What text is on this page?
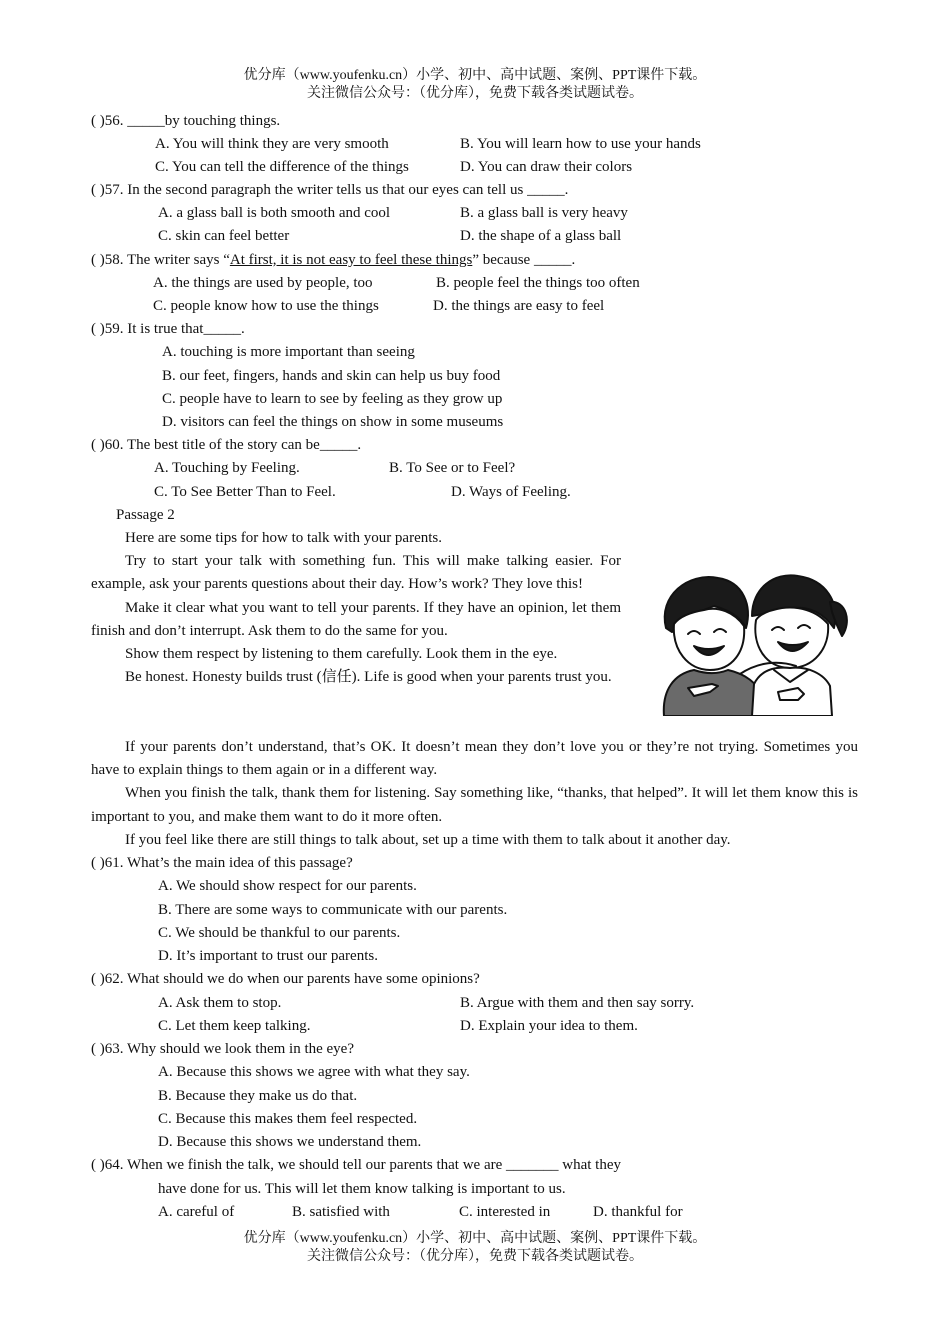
优分库（www.youfenku.cn）小学、初中、高中试题、案例、PPT课件下载。
关注微信公众号：（优分库），免费下载各类试题试卷。
( )56. _____by touching things.
A. You will think they are very smooth	B. You will learn how to use your hands
C. You can tell the difference of the things	D. You can draw their colors
( )57. In the second paragraph the writer tells us that our eyes can tell us _____.
A. a glass ball is both smooth and cool	B. a glass ball is very heavy
C. skin can feel better	D. the shape of a glass ball
( )58. The writer says “At first, it is not easy to feel these things” because _____.
A. the things are used by people, too	B. people feel the things too often
C. people know how to use the things	D. the things are easy to feel
( )59. It is true that_____.
A. touching is more important than seeing
B. our feet, fingers, hands and skin can help us buy food
C. people have to learn to see by feeling as they grow up
D. visitors can feel the things on show in some museums
( )60. The best title of the story can be_____.
A. Touching by Feeling.	B. To See or to Feel?
C. To See Better Than to Feel.	D. Ways of Feeling.
Passage 2

Here are some tips for how to talk with your parents.

Try to start your talk with something fun. This will make talking easier. For example, ask your parents questions about their day. How’s work? They love this!

Make it clear what you want to tell your parents. If they have an opinion, let them finish and don’t interrupt. Ask them to do the same for you.

Show them respect by listening to them carefully. Look them in the eye.

Be honest. Honesty builds trust (信任). Life is good when your parents trust you.

If your parents don’t understand, that’s OK. It doesn’t mean they don’t love you or they’re not trying. Sometimes you have to explain things to them again or in a different way.

When you finish the talk, thank them for listening. Say something like, “thanks, that helped”. It will let them know this is important to you, and make them want to do it more often.

If you feel like there are still things to talk about, set up a time with them to talk about it another day.

( )61. What’s the main idea of this passage?
A. We should show respect for our parents.
B. There are some ways to communicate with our parents.
C. We should be thankful to our parents.
D. It’s important to trust our parents.
( )62. What should we do when our parents have some opinions?
A. Ask them to stop.	B. Argue with them and then say sorry.
C. Let them keep talking.	D. Explain your idea to them.
( )63. Why should we look them in the eye?
A. Because this shows we agree with what they say.
B. Because they make us do that.
C. Because this makes them feel respected.
D. Because this shows we understand them.
( )64. When we finish the talk, we should tell our parents that we are _______ what they
have done for us. This will let them know talking is important to us.
A. careful of	B. satisfied with	C. interested in	D. thankful for
优分库（www.youfenku.cn）小学、初中、高中试题、案例、PPT课件下载。
关注微信公众号：（优分库），免费下载各类试题试卷。
